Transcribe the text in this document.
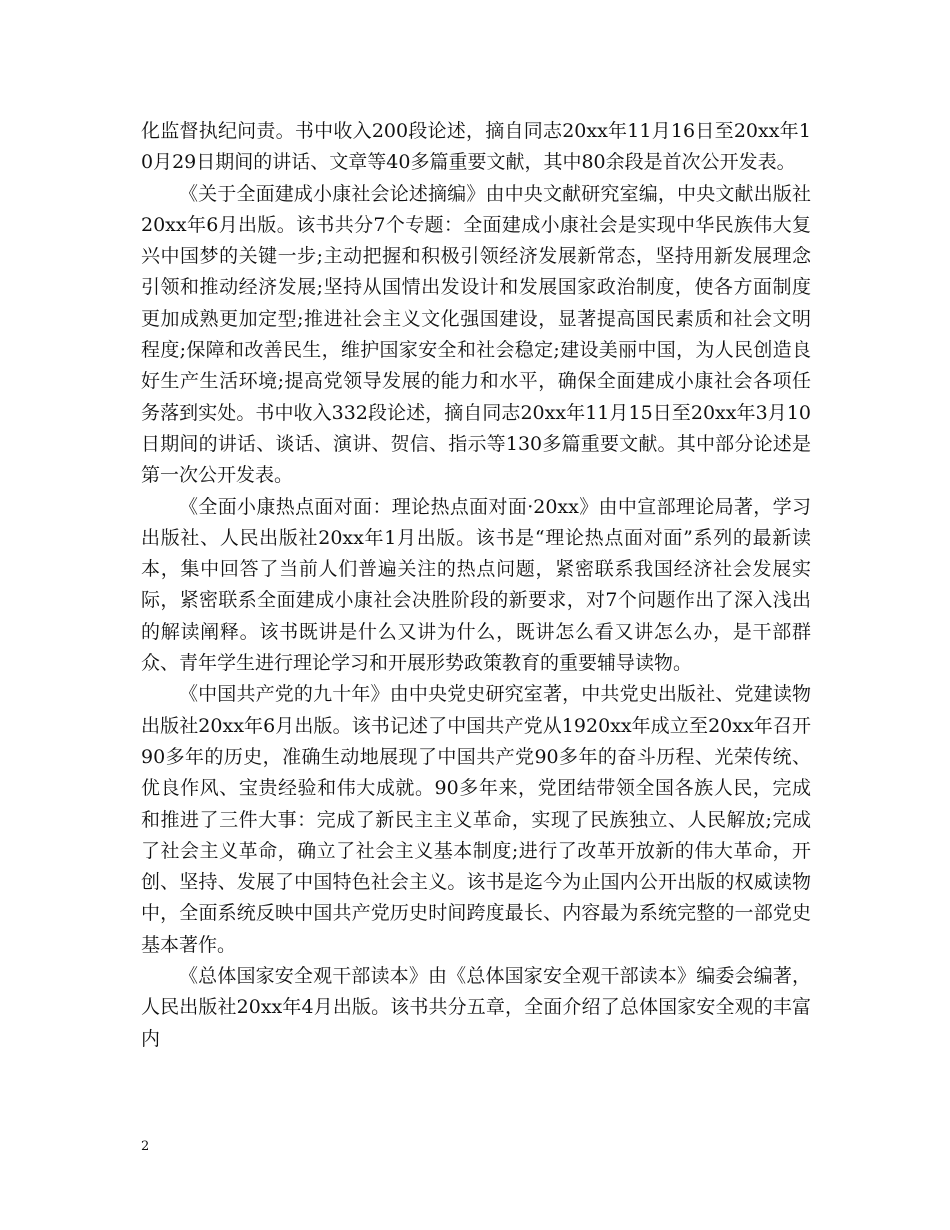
化监督执纪问责。书中收入200段论述，摘自同志20xx年11月16日至20xx年10月29日期间的讲话、文章等40多篇重要文献，其中80余段是首次公开发表。

《关于全面建成小康社会论述摘编》由中央文献研究室编，中央文献出版社20xx年6月出版。该书共分7个专题：全面建成小康社会是实现中华民族伟大复兴中国梦的关键一步;主动把握和积极引领经济发展新常态，坚持用新发展理念引领和推动经济发展;坚持从国情出发设计和发展国家政治制度，使各方面制度更加成熟更加定型;推进社会主义文化强国建设，显著提高国民素质和社会文明程度;保障和改善民生，维护国家安全和社会稳定;建设美丽中国，为人民创造良好生产生活环境;提高党领导发展的能力和水平，确保全面建成小康社会各项任务落到实处。书中收入332段论述，摘自同志20xx年11月15日至20xx年3月10日期间的讲话、谈话、演讲、贺信、指示等130多篇重要文献。其中部分论述是第一次公开发表。

《全面小康热点面对面：理论热点面对面·20xx》由中宣部理论局著，学习出版社、人民出版社20xx年1月出版。该书是“理论热点面对面”系列的最新读本，集中回答了当前人们普遍关注的热点问题，紧密联系我国经济社会发展实际，紧密联系全面建成小康社会决胜阶段的新要求，对7个问题作出了深入浅出的解读阐释。该书既讲是什么又讲为什么，既讲怎么看又讲怎么办，是干部群众、青年学生进行理论学习和开展形势政策教育的重要辅导读物。

《中国共产党的九十年》由中央党史研究室著，中共党史出版社、党建读物出版社20xx年6月出版。该书记述了中国共产党从1920xx年成立至20xx年召开90多年的历史，准确生动地展现了中国共产党90多年的奋斗历程、光荣传统、优良作风、宝贵经验和伟大成就。90多年来，党团结带领全国各族人民，完成和推进了三件大事：完成了新民主主义革命，实现了民族独立、人民解放;完成了社会主义革命，确立了社会主义基本制度;进行了改革开放新的伟大革命，开创、坚持、发展了中国特色社会主义。该书是迄今为止国内公开出版的权威读物中，全面系统反映中国共产党历史时间跨度最长、内容最为系统完整的一部党史基本著作。

《总体国家安全观干部读本》由《总体国家安全观干部读本》编委会编著，人民出版社20xx年4月出版。该书共分五章，全面介绍了总体国家安全观的丰富内

2
